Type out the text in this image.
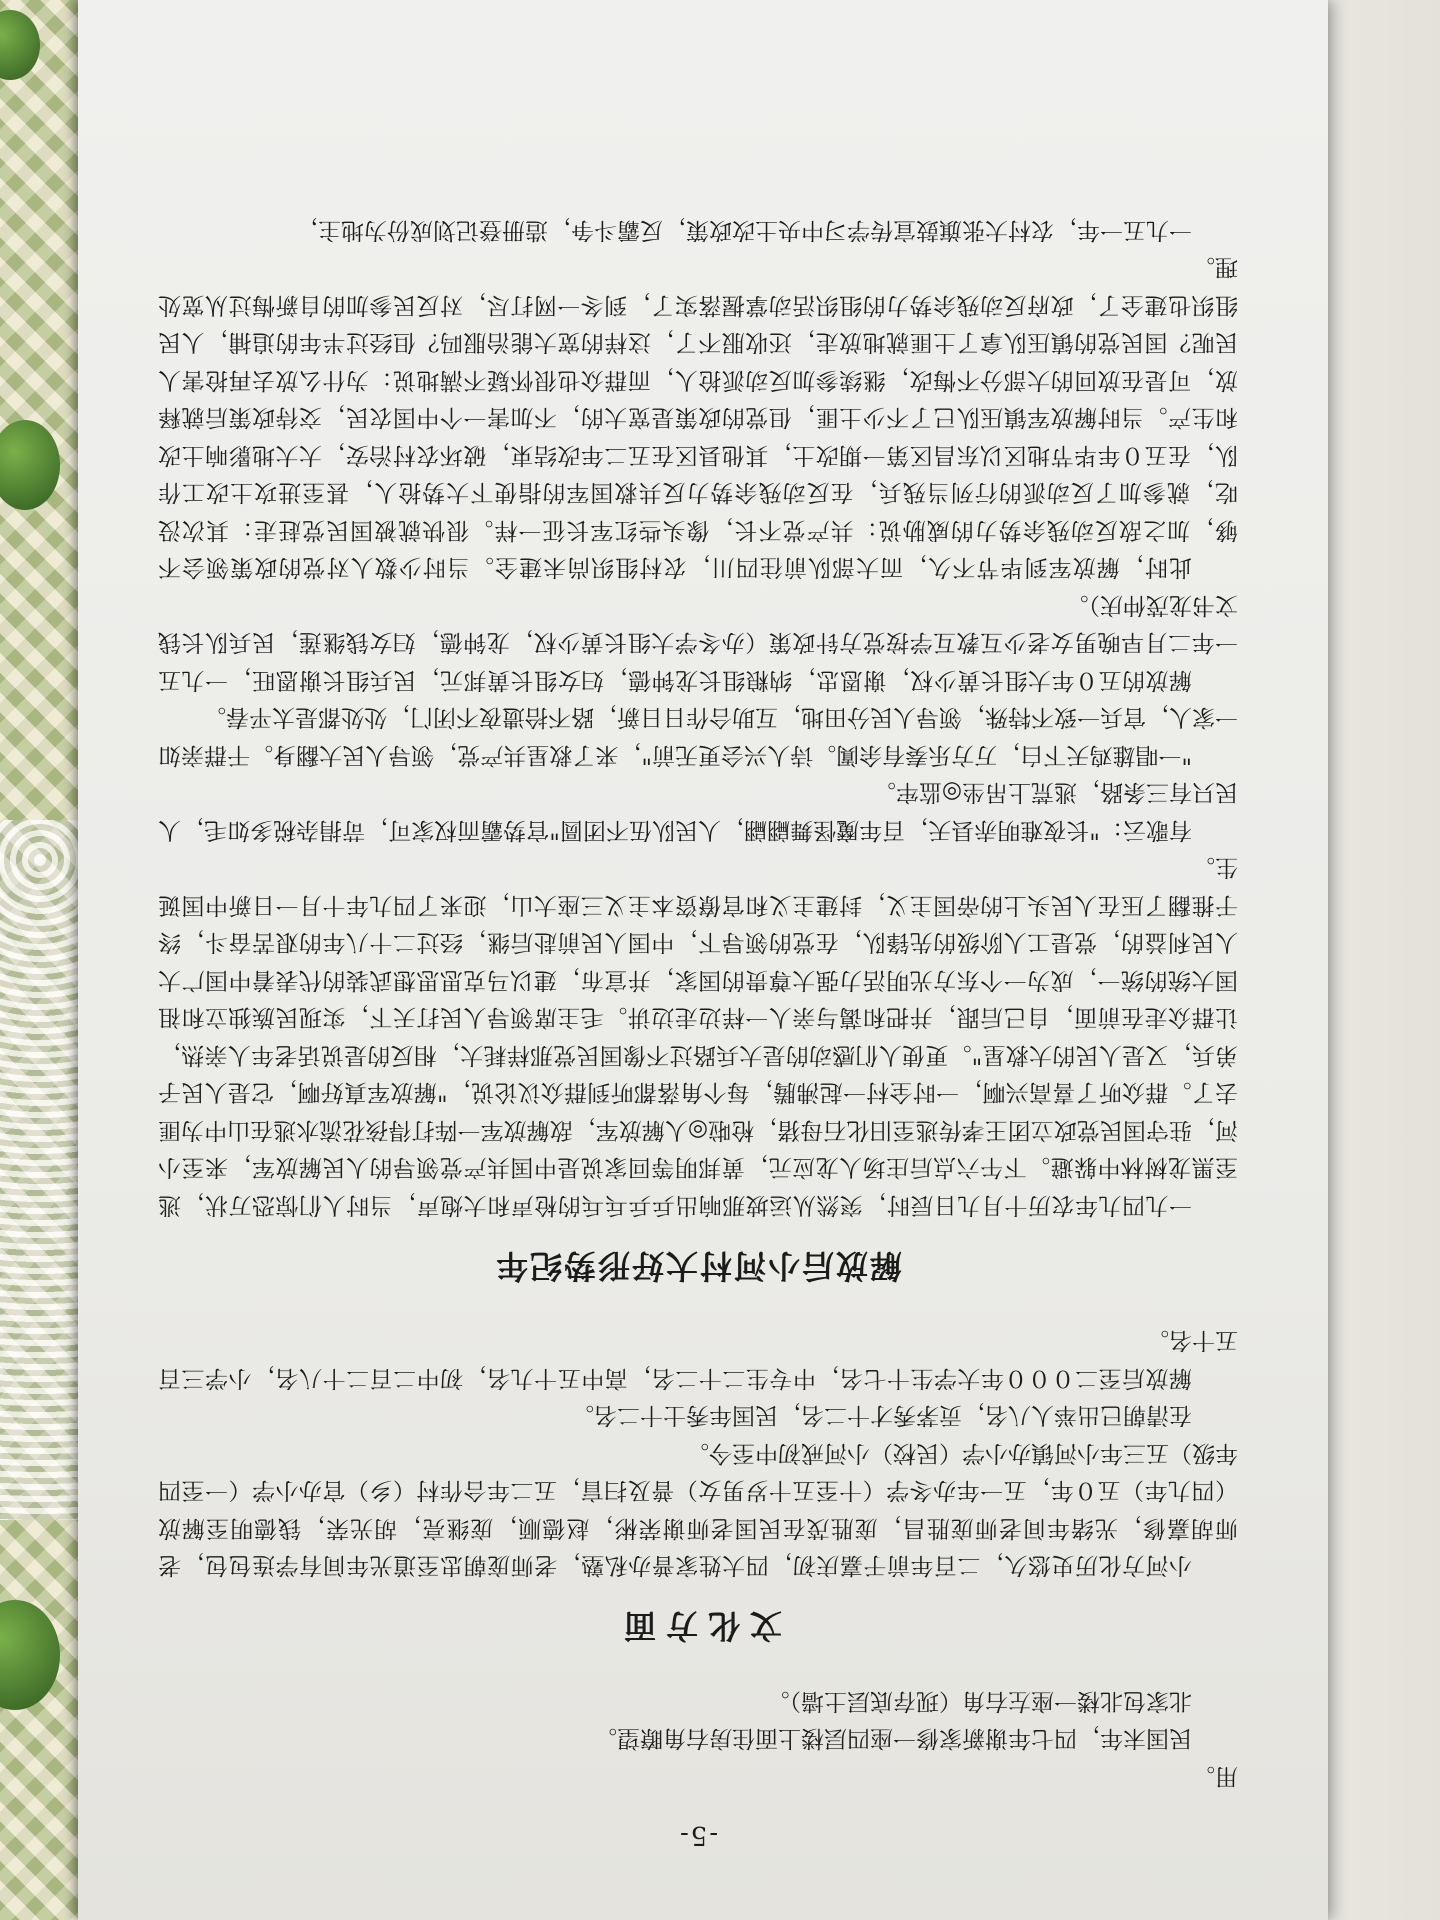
-5-

用。

民国末年，四七年谢新家修一座四层楼上面住房右角瞭望。

北家包北楼一座左右角（现存底层土墙）。

文化方面

小河方化历史悠久，二百年前于嘉庆初，四大姓家普办私塾，老师庞朝忠至道光年间有学连包包，老师胡嘉修，光绪年间老师庞胜昌，庞胜茂在民国老师谢荣彬，赵德顺，庞继亮，胡光荣，钱德明至解放（四九年）五０年，五一年办冬学（十至五十岁男女）普及扫盲，五二年合作村（乡）官办小学（一至四年级）五三年小河镇办小学（民校）小河戒初中至今。

在清朝已出举人八名，贡茅秀才十二名，民国年秀士十二名。

解放后至二０００年大学生十七名，中专生二十二名，高中五十九名，初中二百二十八名，小学三百五十名。

解放后小河村大好形势纪年

一九四九年农历十月九日辰时，突然从运坡那响出乒乒乓乓的枪声和大炮声，当时人们惊恐万状，逃至黑龙树林中躲避。下午六点后庄场人龙应元，黄邦明等回家说是中国共产党领导的人民解放军，来至小河，驻守国民党政立团王孝传逃至旧化石母猪，枪啦◎人解放军，敌解放军一阵打得孩花流水逃在山中为匪去了。群众听了喜高兴啊，一时全村一起沸腾，每个角落都听到群众议论说，"解放军真好啊，它是人民子弟兵，又是人民的大救星"。更使人们感动的是大兵路过不像国民党那样耗大，相反的是说话老年人亲热，让群众走在前面，自己后跟，并把和蔼与亲人一样边走边讲。毛主席领导人民打天下，实现民族独立和祖国大统的统一，成为一个东方光明活力强大尊贵的国家，并宣布，建以马克思思想武装的代表着中国广大人民利益的，党是工人阶级的先锋队，在党的领导下，中国人民前赴后继，经过二十八年的艰苦奋斗，终于推翻了压在人民头上的帝国主义，封建主义和官僚资本主义三座大山，迎来了四九年十月一日新中国诞生。

有歌云："长夜难明赤县天，百年魔怪舞翩翩，人民队伍不团圆"官势霸而权家可，苛捐杂税多如毛，人民只有三条路，逃荒上吊坐◎监牢。

"一唱雄鸡天下白，万方乐奏有余阗。诗人兴会更无前"，来了救星共产党，领导人民大翻身。干群亲如一家人，官兵一致不特殊，领导人民分田地，互助合作日日新，路不拾遗夜不闭门，处处都是太平春。

解放的五０年大组长黄少权，谢恩忠，纳粮组长龙钟德，妇女组长黄邦元，民兵组长谢恩旺，一九五一年二月早晚男女老少互教互学按党方针政策（办冬学大组长黄少权，龙钟德，妇女钱继莲，民兵队长钱文书龙茂仲庆）。

此时，解放军到毕节不久，而大部队前往四川，农村组织尚未建全。当时少数人对党的政策领会不够，加之敌反动残余势力的威胁说：共产党不长，像头些红军长征一样。很快就被国民党赶走：其次没吃，就参加了反动派的行列当残兵，在反动残余势力反共救国军的指使下大势抢人，甚至进攻土改工作队，在五０年毕节地区以东昌区第一期改土，其他县区在五二年改结束，破坏农村治安，大大地影响土改和生产。当时解放军镇压队已了不少土匪，但党的政策是宽大的，不加害一个中国农民，交待政策后就释放，可是在放回的大部分不悔改，继续参加反动派抢人，而群众也很怀疑不满地说：为什么放去再抢害人民呢？国民党的镇压队拿了土匪就地放走，还收服不了，这样的宽大能治服吗？但经过半年的追捕，人民组织也建全了，政府反动残余势力的组织活动掌握落实了，到冬一网打尽，对反民参加的自新悔过从宽处理。

一九五一年，农村大张旗鼓宣传学习中央土改政策，反霸斗争，造册登记划成份为地主，
